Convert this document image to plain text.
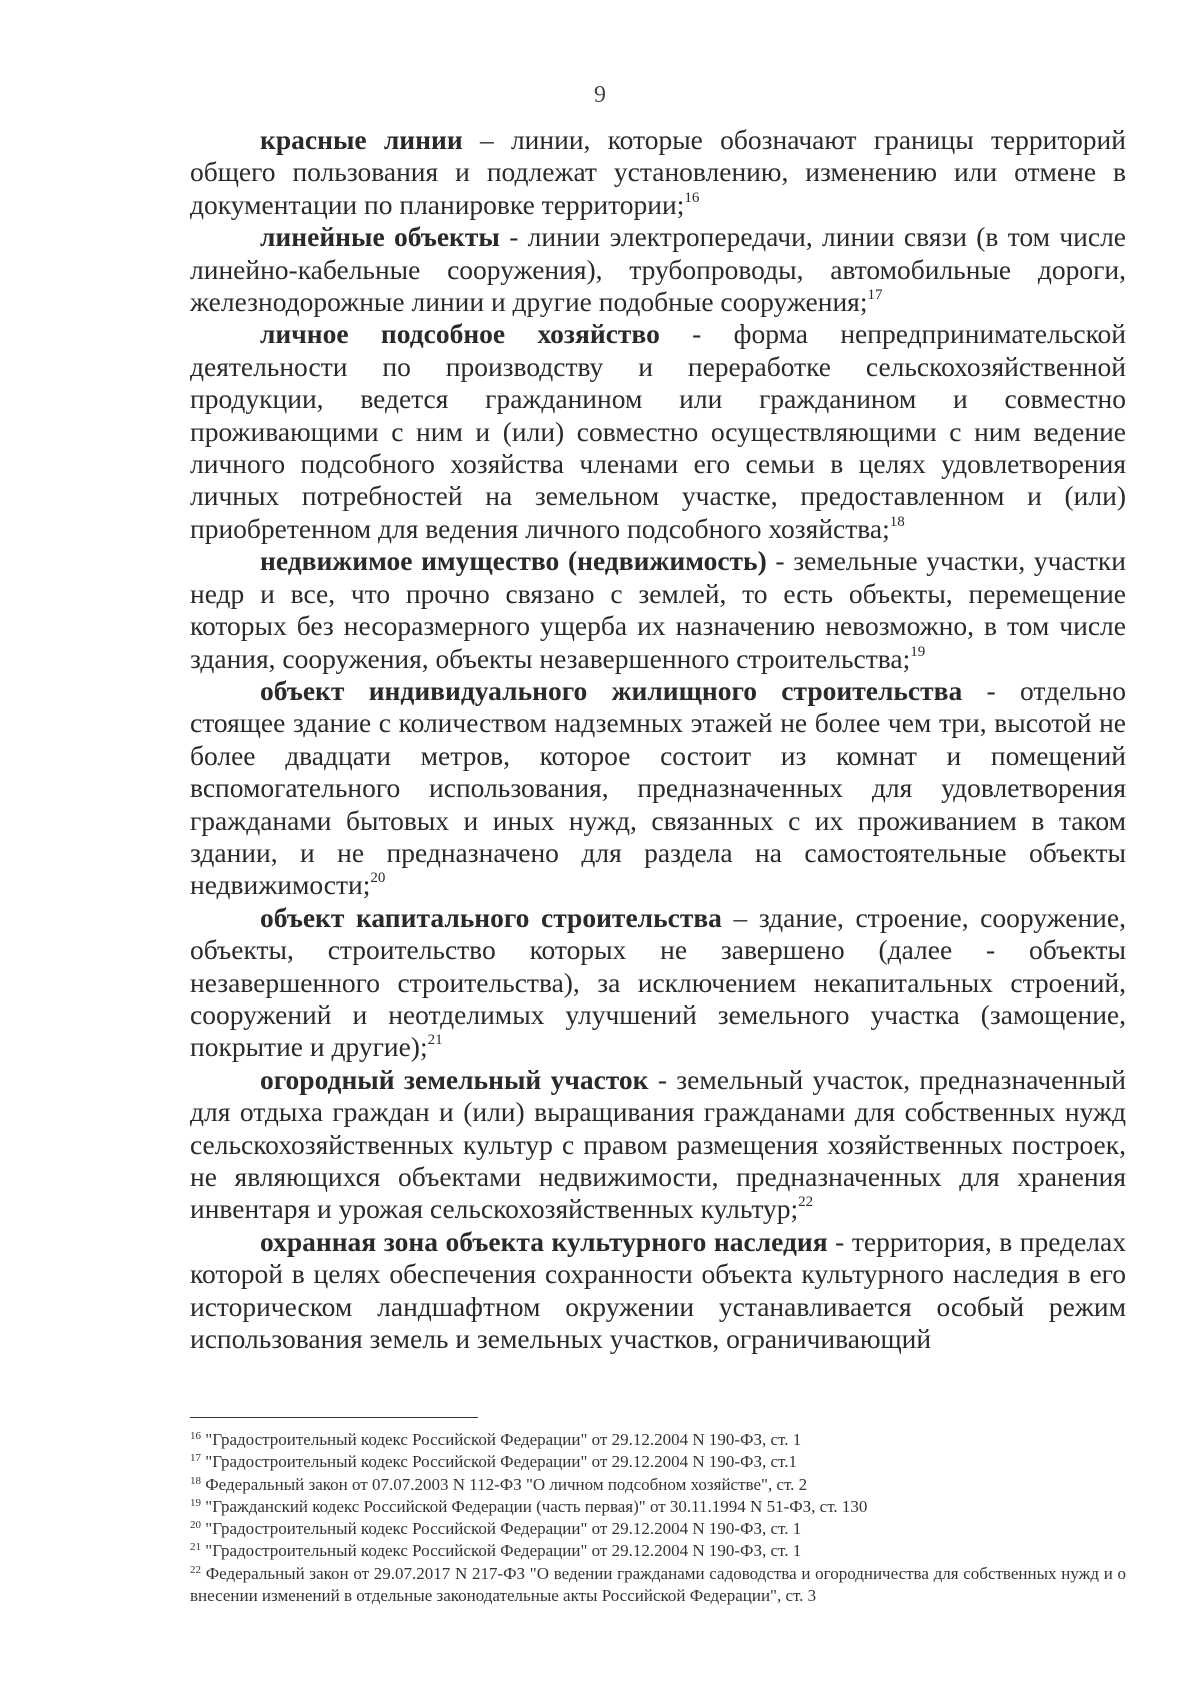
9

красные линии – линии, которые обозначают границы территорий общего пользования и подлежат установлению, изменению или отмене в документации по планировке территории;$^{16}$

линейные объекты - линии электропередачи, линии связи (в том числе линейно-кабельные сооружения), трубопроводы, автомобильные дороги, железнодорожные линии и другие подобные сооружения;$^{17}$

личное подсобное хозяйство - форма непредпринимательской деятельности по производству и переработке сельскохозяйственной продукции, ведется гражданином или гражданином и совместно проживающими с ним и (или) совместно осуществляющими с ним ведение личного подсобного хозяйства членами его семьи в целях удовлетворения личных потребностей на земельном участке, предоставленном и (или) приобретенном для ведения личного подсобного хозяйства;$^{18}$

недвижимое имущество (недвижимость) - земельные участки, участки недр и все, что прочно связано с землей, то есть объекты, перемещение которых без несоразмерного ущерба их назначению невозможно, в том числе здания, сооружения, объекты незавершенного строительства;$^{19}$

объект индивидуального жилищного строительства - отдельно стоящее здание с количеством надземных этажей не более чем три, высотой не более двадцати метров, которое состоит из комнат и помещений вспомогательного использования, предназначенных для удовлетворения гражданами бытовых и иных нужд, связанных с их проживанием в таком здании, и не предназначено для раздела на самостоятельные объекты недвижимости;$^{20}$

объект капитального строительства – здание, строение, сооружение, объекты, строительство которых не завершено (далее - объекты незавершенного строительства), за исключением некапитальных строений, сооружений и неотделимых улучшений земельного участка (замощение, покрытие и другие);$^{21}$

огородный земельный участок - земельный участок, предназначенный для отдыха граждан и (или) выращивания гражданами для собственных нужд сельскохозяйственных культур с правом размещения хозяйственных построек, не являющихся объектами недвижимости, предназначенных для хранения инвентаря и урожая сельскохозяйственных культур;$^{22}$

охранная зона объекта культурного наследия - территория, в пределах которой в целях обеспечения сохранности объекта культурного наследия в его историческом ландшафтном окружении устанавливается особый режим использования земель и земельных участков, ограничивающий

$^{16}$ "Градостроительный кодекс Российской Федерации" от 29.12.2004 N 190-ФЗ, ст. 1

$^{17}$ "Градостроительный кодекс Российской Федерации" от 29.12.2004 N 190-ФЗ, ст.1

$^{18}$ Федеральный закон от 07.07.2003 N 112-ФЗ "О личном подсобном хозяйстве", ст. 2

$^{19}$ "Гражданский кодекс Российской Федерации (часть первая)" от 30.11.1994 N 51-ФЗ, ст. 130

$^{20}$ "Градостроительный кодекс Российской Федерации" от 29.12.2004 N 190-ФЗ, ст. 1

$^{21}$ "Градостроительный кодекс Российской Федерации" от 29.12.2004 N 190-ФЗ, ст. 1

$^{22}$ Федеральный закон от 29.07.2017 N 217-ФЗ "О ведении гражданами садоводства и огородничества для собственных нужд и о внесении изменений в отдельные законодательные акты Российской Федерации", ст. 3
